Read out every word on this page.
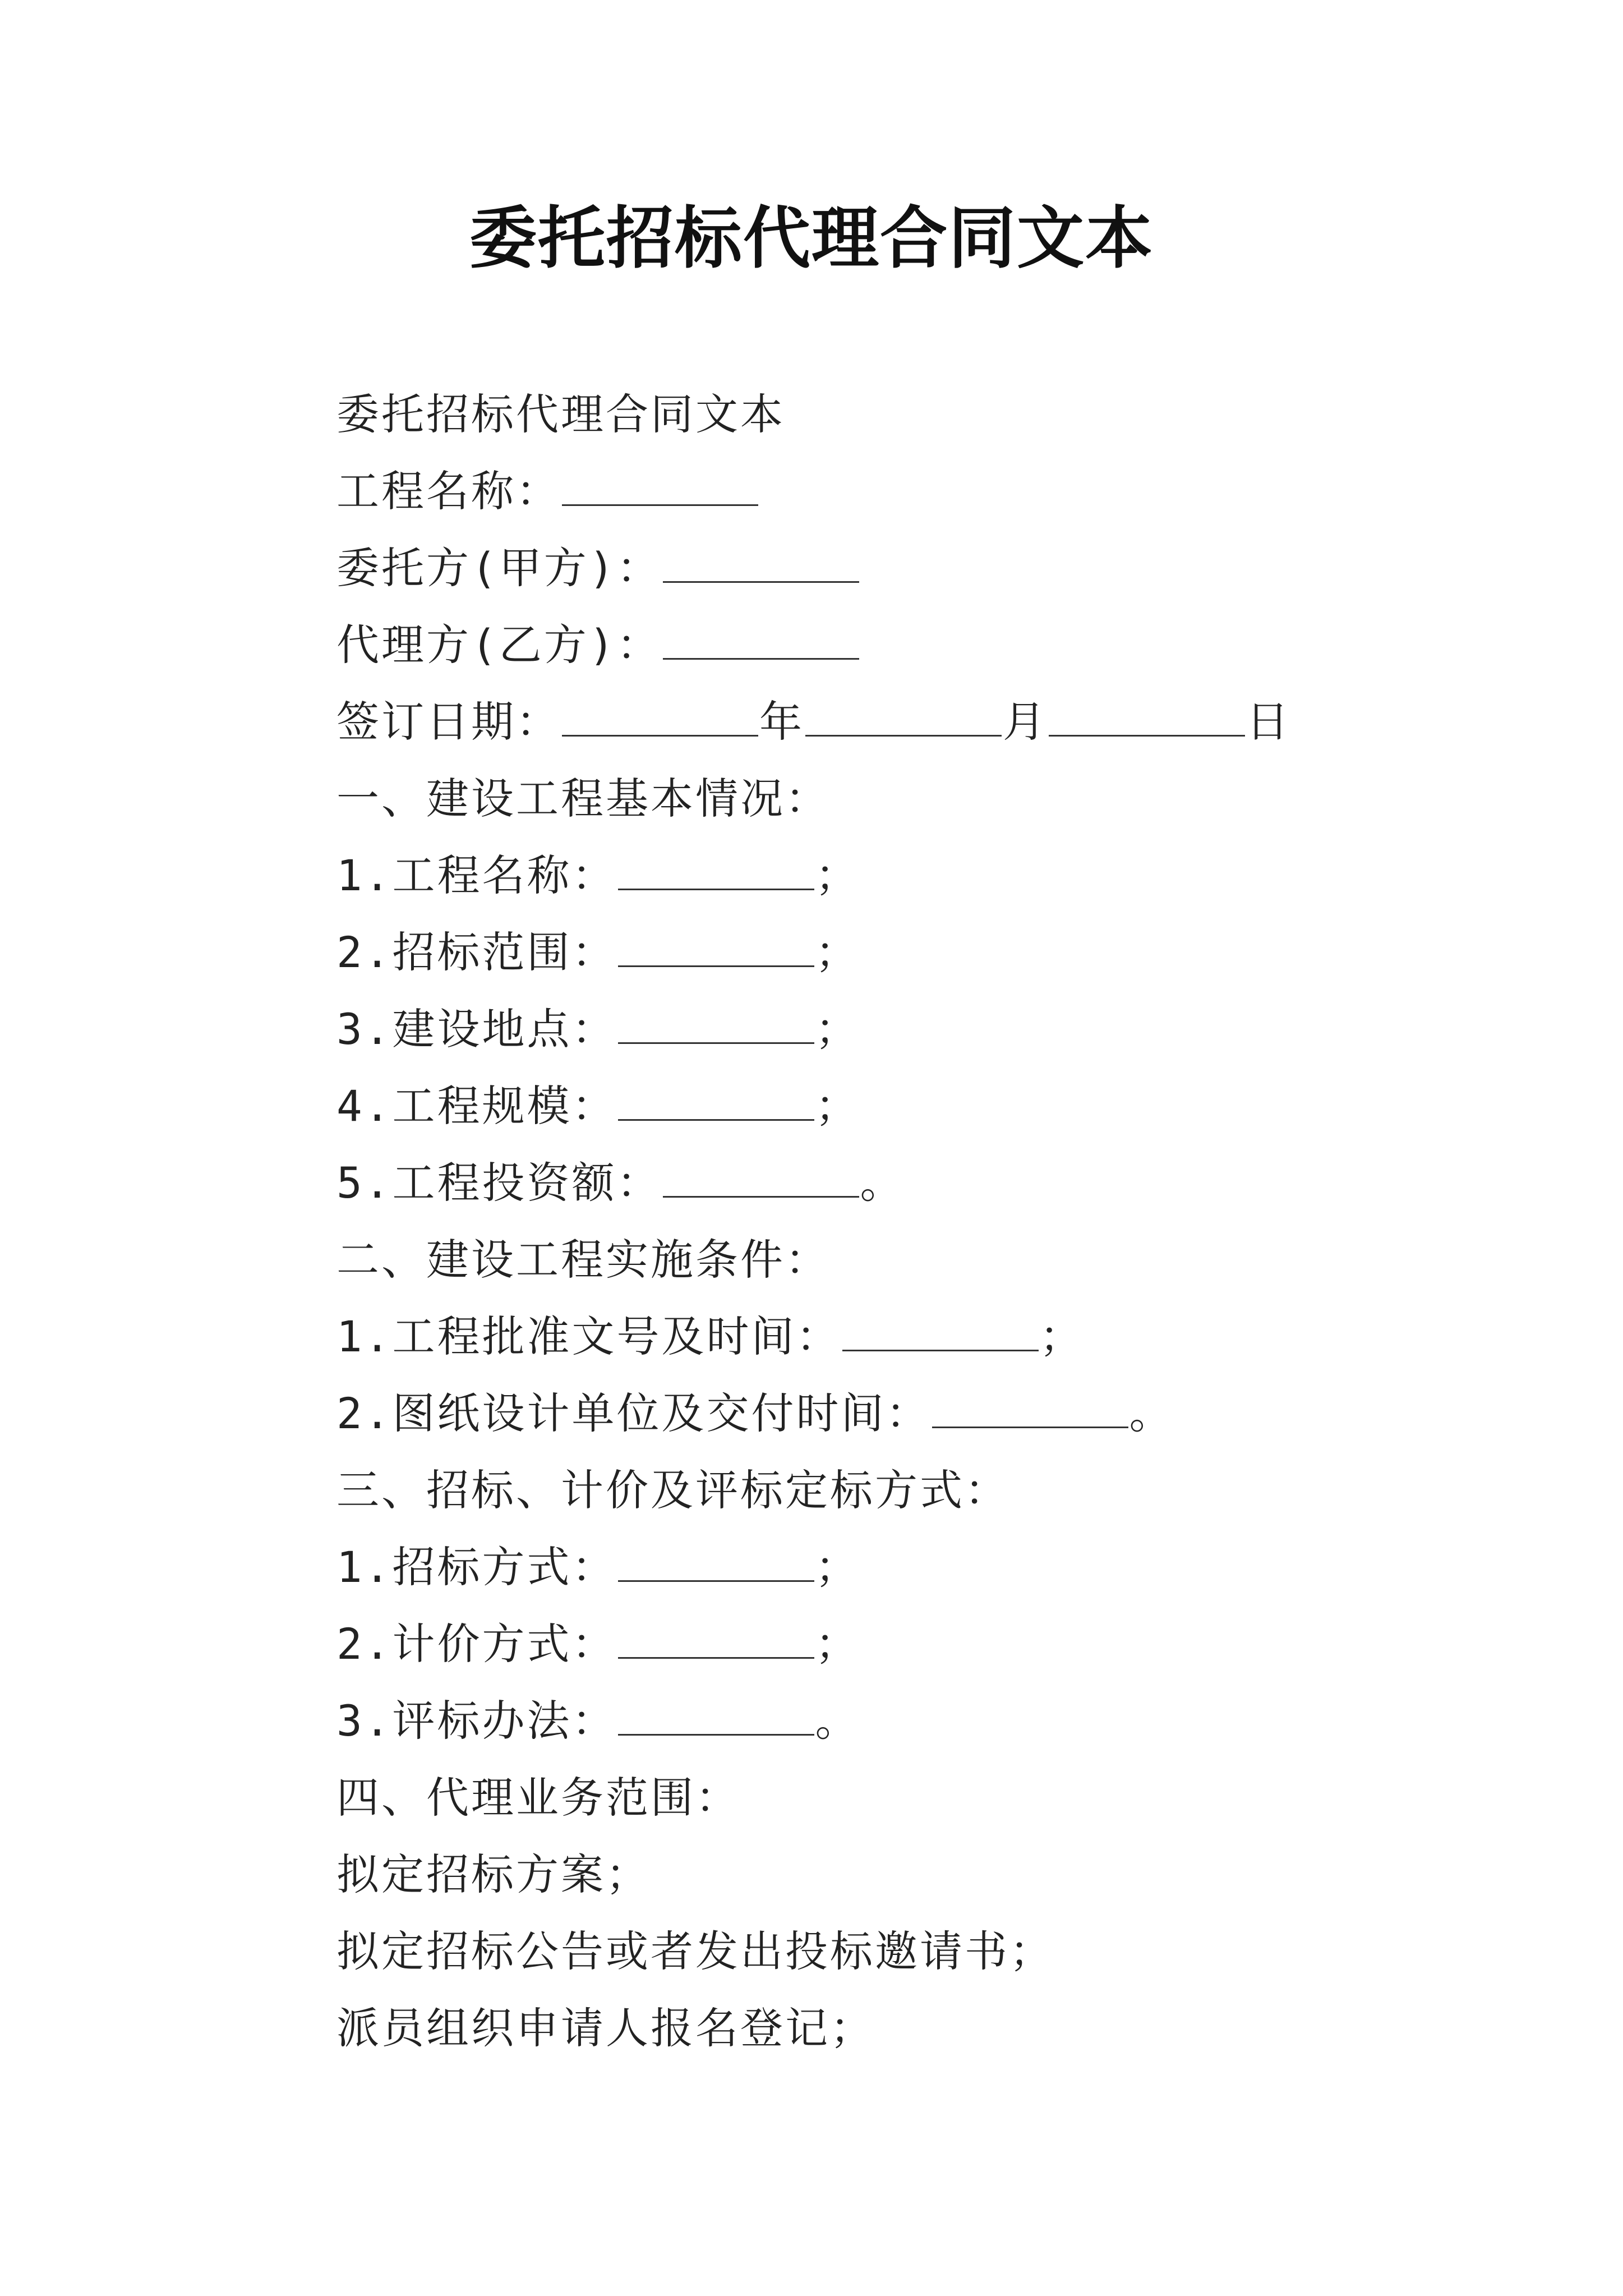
委托招标代理合同文本
委托招标代理合同文本
工程名称：
委托方(甲方)：
代理方(乙方)：
签订日期：	年	月	日
一、建设工程基本情况：
1.工程名称：	；
2.招标范围：	；
3.建设地点：	；
4.工程规模：	；
5.工程投资额：	。
二、建设工程实施条件：
1.工程批准文号及时间：	；
2.图纸设计单位及交付时间：	。
三、招标、计价及评标定标方式：
1.招标方式：	；
2.计价方式：	；
3.评标办法：	。
四、代理业务范围：
拟定招标方案；
拟定招标公告或者发出投标邀请书；
派员组织申请人报名登记；
